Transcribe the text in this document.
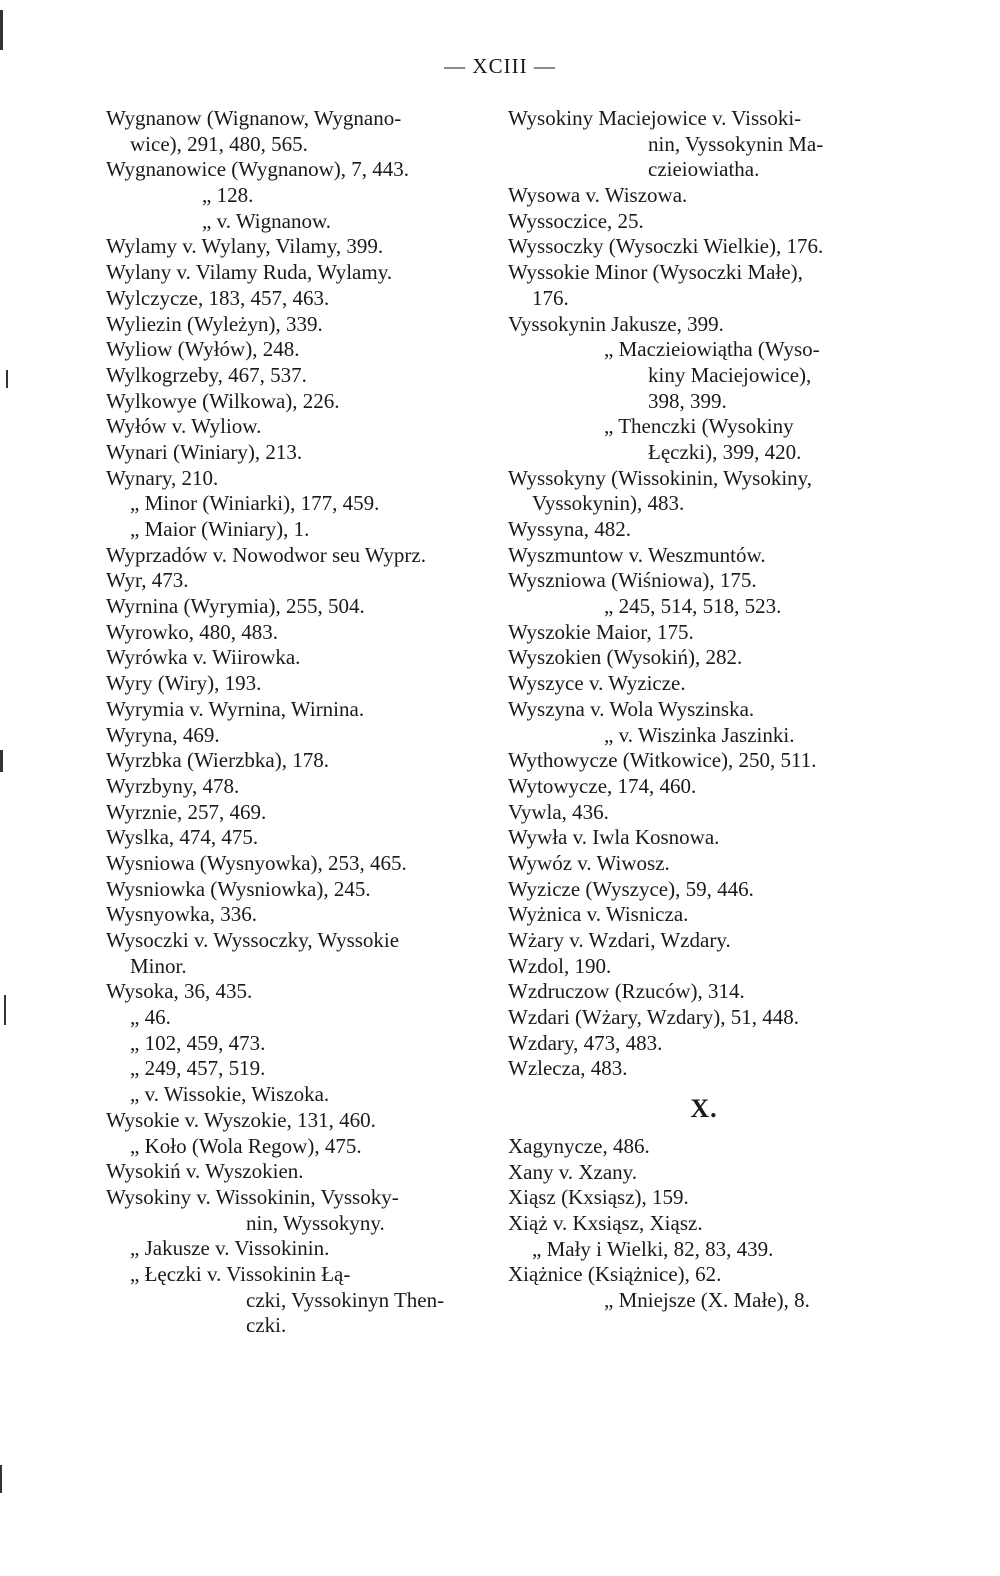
— XCIII —
Wygnanow (Wignanow, Wygnano-
wice), 291, 480, 565.
Wygnanowice (Wygnanow), 7, 443.
„ 128.
„ v. Wignanow.
Wylamy v. Wylany, Vilamy, 399.
Wylany v. Vilamy Ruda, Wylamy.
Wylczycze, 183, 457, 463.
Wyliezin (Wyleżyn), 339.
Wyliow (Wyłów), 248.
Wylkogrzeby, 467, 537.
Wylkowye (Wilkowa), 226.
Wyłów v. Wyliow.
Wynari (Winiary), 213.
Wynary, 210.
„ Minor (Winiarki), 177, 459.
„ Maior (Winiary), 1.
Wyprzadów v. Nowodwor seu Wyprz.
Wyr, 473.
Wyrnina (Wyrymia), 255, 504.
Wyrowko, 480, 483.
Wyrówka v. Wiirowka.
Wyry (Wiry), 193.
Wyrymia v. Wyrnina, Wirnina.
Wyryna, 469.
Wyrzbka (Wierzbka), 178.
Wyrzbyny, 478.
Wyrznie, 257, 469.
Wyslka, 474, 475.
Wysniowa (Wysnyowka), 253, 465.
Wysniowka (Wysniowka), 245.
Wysnyowka, 336.
Wysoczki v. Wyssoczky, Wyssokie
Minor.
Wysoka, 36, 435.
„ 46.
„ 102, 459, 473.
„ 249, 457, 519.
„ v. Wissokie, Wiszoka.
Wysokie v. Wyszokie, 131, 460.
„ Koło (Wola Regow), 475.
Wysokiń v. Wyszokien.
Wysokiny v. Wissokinin, Vyssoky-
nin, Wyssokyny.
„ Jakusze v. Vissokinin.
„ Łęczki v. Vissokinin Łą-
czki, Vyssokinyn Then-
czki.
Wysokiny Maciejowice v. Vissoki-
nin, Vyssokynin Ma-
czieiowiatha.
Wysowa v. Wiszowa.
Wyssoczice, 25.
Wyssoczky (Wysoczki Wielkie), 176.
Wyssokie Minor (Wysoczki Małe),
176.
Vyssokynin Jakusze, 399.
„ Maczieiowiątha (Wyso-
kiny Maciejowice),
398, 399.
„ Thenczki (Wysokiny
Łęczki), 399, 420.
Wyssokyny (Wissokinin, Wysokiny,
Vyssokynin), 483.
Wyssyna, 482.
Wyszmuntow v. Weszmuntów.
Wyszniowa (Wiśniowa), 175.
„ 245, 514, 518, 523.
Wyszokie Maior, 175.
Wyszokien (Wysokiń), 282.
Wyszyce v. Wyzicze.
Wyszyna v. Wola Wyszinska.
„ v. Wiszinka Jaszinki.
Wythowycze (Witkowice), 250, 511.
Wytowycze, 174, 460.
Vywla, 436.
Wywła v. Iwla Kosnowa.
Wywóz v. Wiwosz.
Wyzicze (Wyszyce), 59, 446.
Wyżnica v. Wisnicza.
Wżary v. Wzdari, Wzdary.
Wzdol, 190.
Wzdruczow (Rzuców), 314.
Wzdari (Wżary, Wzdary), 51, 448.
Wzdary, 473, 483.
Wzlecza, 483.
X.
Xagynycze, 486.
Xany v. Xzany.
Xiąsz (Kxsiąsz), 159.
Xiąż v. Kxsiąsz, Xiąsz.
„ Mały i Wielki, 82, 83, 439.
Xiążnice (Książnice), 62.
„ Mniejsze (X. Małe), 8.
